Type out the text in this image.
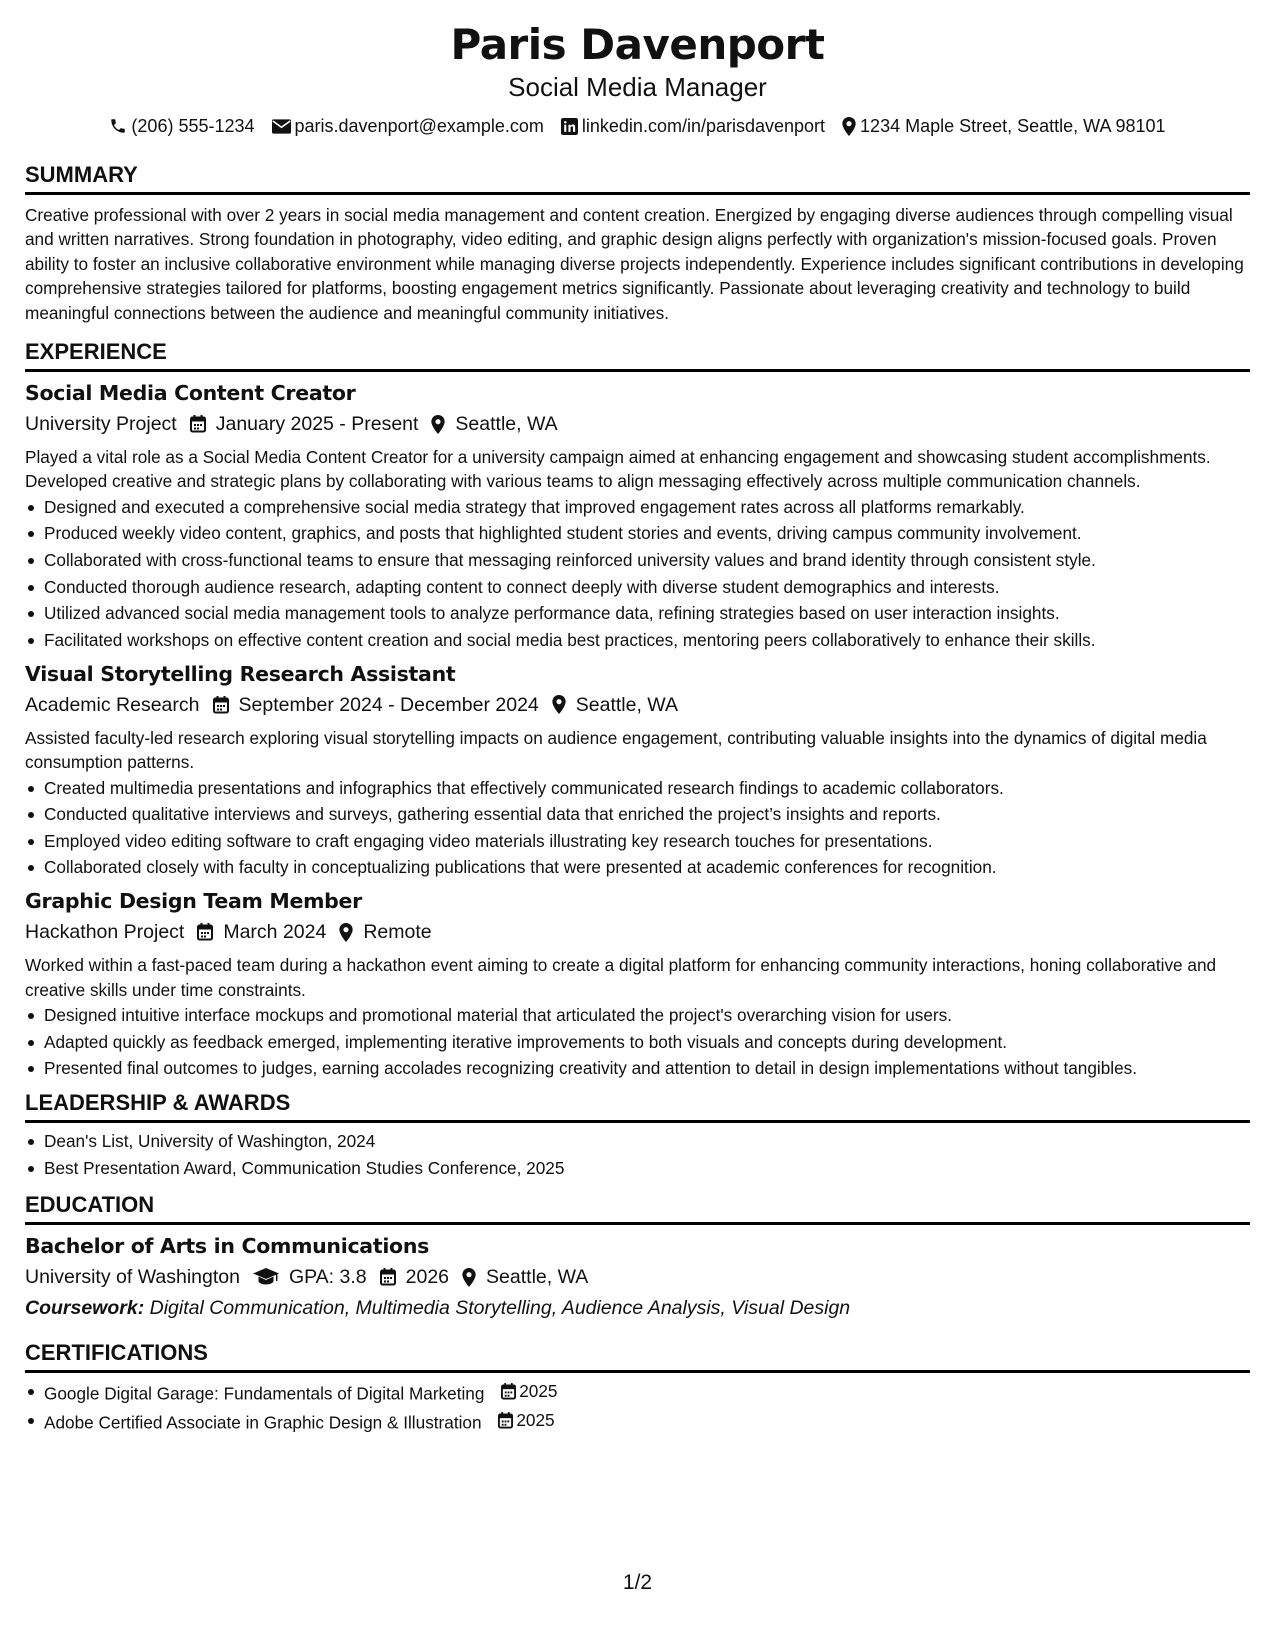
Paris Davenport
Social Media Manager
(206) 555-1234 paris.davenport@example.com linkedin.com/in/parisdavenport 1234 Maple Street, Seattle, WA 98101
SUMMARY

Creative professional with over 2 years in social media management and content creation. Energized by engaging diverse audiences through compelling visual and written narratives. Strong foundation in photography, video editing, and graphic design aligns perfectly with organization's mission-focused goals. Proven ability to foster an inclusive collaborative environment while managing diverse projects independently. Experience includes significant contributions in developing comprehensive strategies tailored for platforms, boosting engagement metrics significantly. Passionate about leveraging creativity and technology to build meaningful connections between the audience and meaningful community initiatives.

EXPERIENCE
Social Media Content Creator
University Project January 2025 - Present Seattle, WA

Played a vital role as a Social Media Content Creator for a university campaign aimed at enhancing engagement and showcasing student accomplishments. Developed creative and strategic plans by collaborating with various teams to align messaging effectively across multiple communication channels.

Designed and executed a comprehensive social media strategy that improved engagement rates across all platforms remarkably.
Produced weekly video content, graphics, and posts that highlighted student stories and events, driving campus community involvement.
Collaborated with cross-functional teams to ensure that messaging reinforced university values and brand identity through consistent style.
Conducted thorough audience research, adapting content to connect deeply with diverse student demographics and interests.
Utilized advanced social media management tools to analyze performance data, refining strategies based on user interaction insights.
Facilitated workshops on effective content creation and social media best practices, mentoring peers collaboratively to enhance their skills.
Visual Storytelling Research Assistant
Academic Research September 2024 - December 2024 Seattle, WA

Assisted faculty-led research exploring visual storytelling impacts on audience engagement, contributing valuable insights into the dynamics of digital media consumption patterns.

Created multimedia presentations and infographics that effectively communicated research findings to academic collaborators.
Conducted qualitative interviews and surveys, gathering essential data that enriched the project’s insights and reports.
Employed video editing software to craft engaging video materials illustrating key research touches for presentations.
Collaborated closely with faculty in conceptualizing publications that were presented at academic conferences for recognition.
Graphic Design Team Member
Hackathon Project March 2024 Remote

Worked within a fast-paced team during a hackathon event aiming to create a digital platform for enhancing community interactions, honing collaborative and creative skills under time constraints.

Designed intuitive interface mockups and promotional material that articulated the project's overarching vision for users.
Adapted quickly as feedback emerged, implementing iterative improvements to both visuals and concepts during development.
Presented final outcomes to judges, earning accolades recognizing creativity and attention to detail in design implementations without tangibles.
LEADERSHIP & AWARDS
Dean's List, University of Washington, 2024
Best Presentation Award, Communication Studies Conference, 2025
EDUCATION
Bachelor of Arts in Communications
University of Washington	GPA: 3.8 2026 Seattle, WA
Coursework: Digital Communication, Multimedia Storytelling, Audience Analysis, Visual Design
CERTIFICATIONS
Google Digital Garage: Fundamentals of Digital Marketing 2025
Adobe Certified Associate in Graphic Design & Illustration 2025
1/2
